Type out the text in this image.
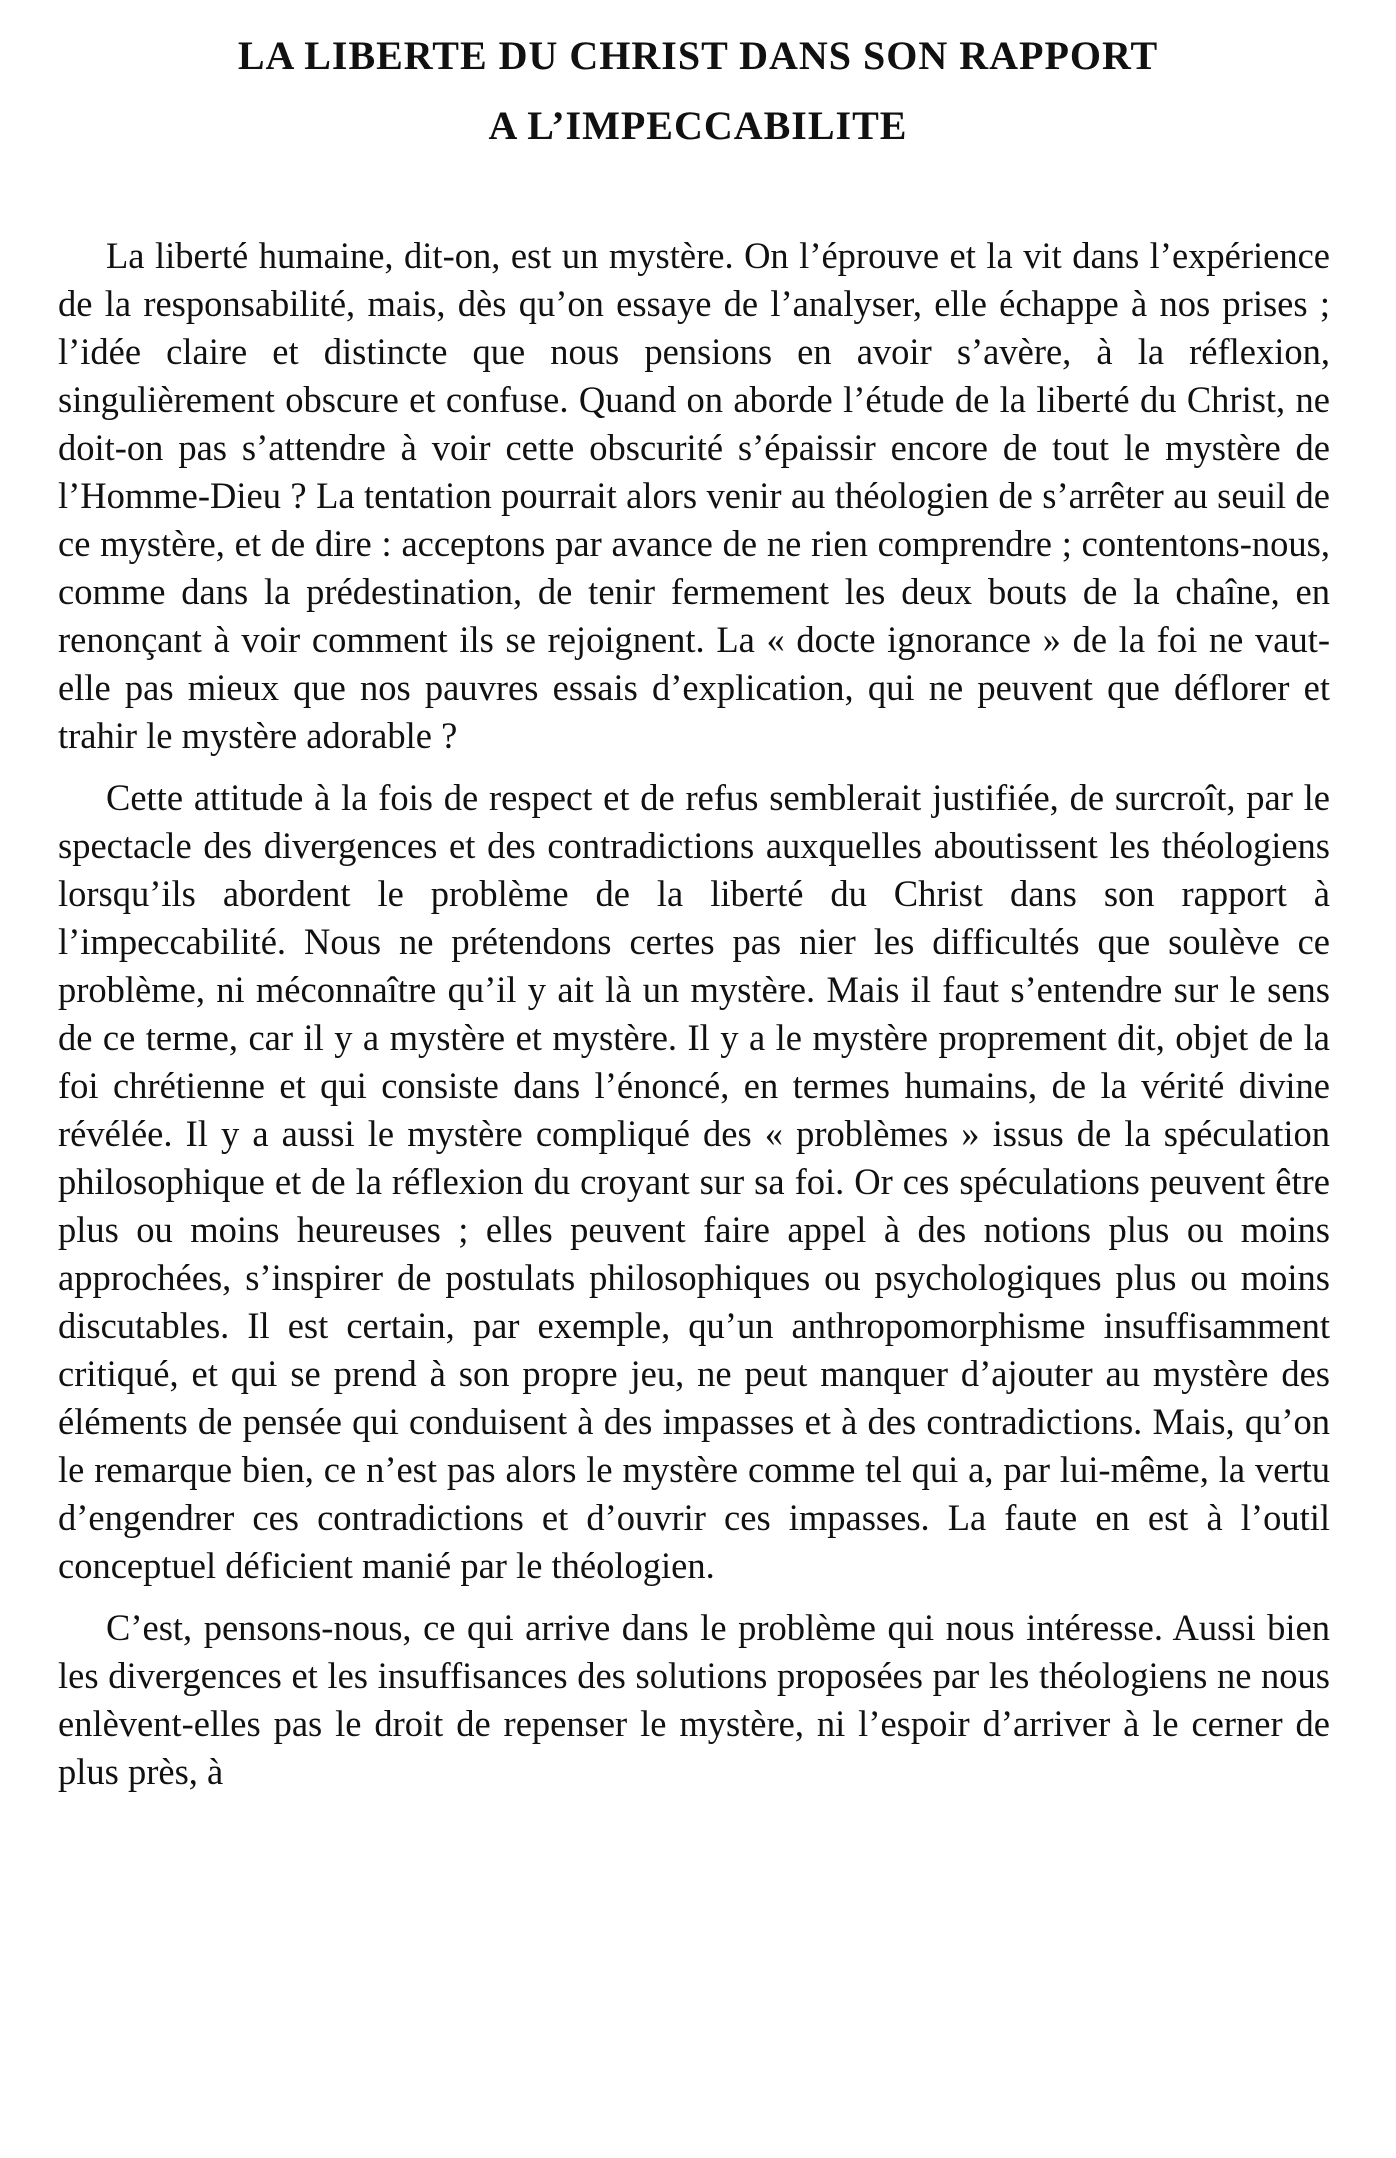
LA LIBERTE DU CHRIST DANS SON RAPPORT
A L’IMPECCABILITE

La liberté humaine, dit-on, est un mystère. On l’éprouve et la vit dans l’expérience de la responsabilité, mais, dès qu’on essaye de l’analyser, elle échappe à nos prises ; l’idée claire et distincte que nous pensions en avoir s’avère, à la réflexion, singulièrement obscure et confuse. Quand on aborde l’étude de la liberté du Christ, ne doit-on pas s’attendre à voir cette obscurité s’épaissir encore de tout le mystère de l’Homme-Dieu ? La tentation pourrait alors venir au théologien de s’arrêter au seuil de ce mystère, et de dire : acceptons par avance de ne rien comprendre ; contentons-nous, comme dans la prédestination, de tenir fermement les deux bouts de la chaîne, en renonçant à voir comment ils se rejoignent. La « docte ignorance » de la foi ne vaut-elle pas mieux que nos pauvres essais d’explication, qui ne peuvent que déflorer et trahir le mystère adorable ?

Cette attitude à la fois de respect et de refus semblerait justifiée, de surcroît, par le spectacle des divergences et des contradictions auxquelles aboutissent les théologiens lorsqu’ils abordent le problème de la liberté du Christ dans son rapport à l’impeccabilité. Nous ne prétendons certes pas nier les difficultés que soulève ce problème, ni méconnaître qu’il y ait là un mystère. Mais il faut s’entendre sur le sens de ce terme, car il y a mystère et mystère. Il y a le mystère proprement dit, objet de la foi chrétienne et qui consiste dans l’énoncé, en termes humains, de la vérité divine révélée. Il y a aussi le mystère compliqué des « problèmes » issus de la spéculation philosophique et de la réflexion du croyant sur sa foi. Or ces spéculations peuvent être plus ou moins heureuses ; elles peuvent faire appel à des notions plus ou moins approchées, s’inspirer de postulats philosophiques ou psychologiques plus ou moins discutables. Il est certain, par exemple, qu’un anthropomorphisme insuffisamment critiqué, et qui se prend à son propre jeu, ne peut manquer d’ajouter au mystère des éléments de pensée qui conduisent à des impasses et à des contradictions. Mais, qu’on le remarque bien, ce n’est pas alors le mystère comme tel qui a, par lui-même, la vertu d’engendrer ces contradictions et d’ouvrir ces impasses. La faute en est à l’outil conceptuel déficient manié par le théologien.

C’est, pensons-nous, ce qui arrive dans le problème qui nous intéresse. Aussi bien les divergences et les insuffisances des solutions proposées par les théologiens ne nous enlèvent-elles pas le droit de repenser le mystère, ni l’espoir d’arriver à le cerner de plus près, à
